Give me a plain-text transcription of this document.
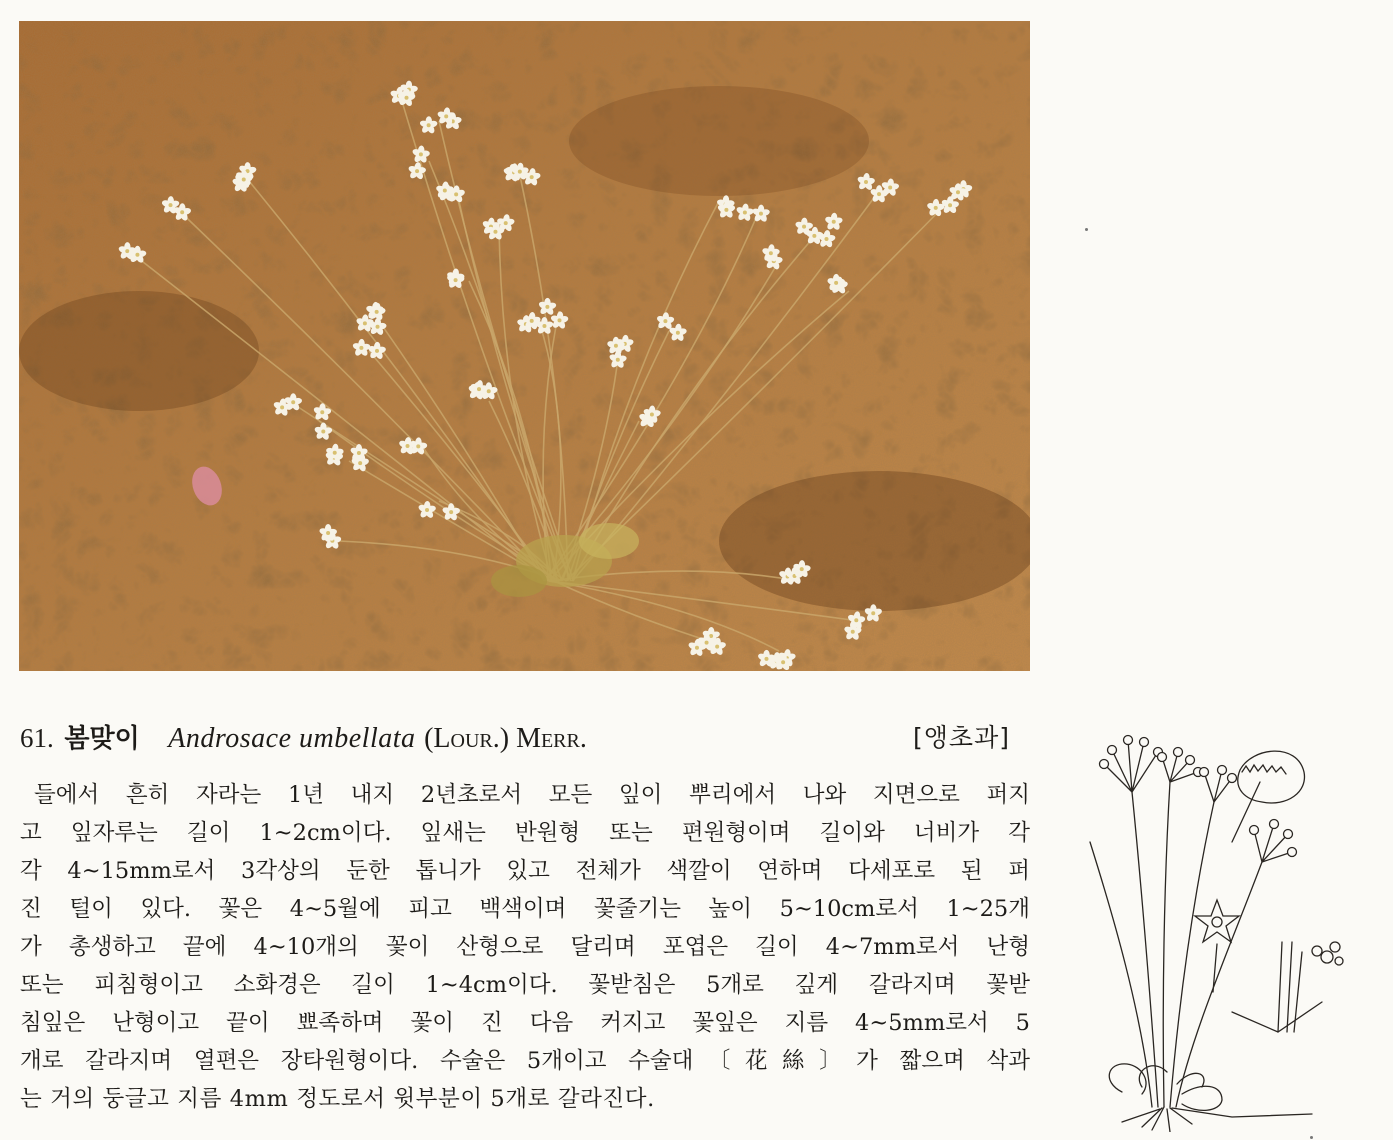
61. 봄맞이 Androsace umbellata (Lour.) Merr.	[앵초과]
들에서 흔히 자라는 1년 내지 2년초로서 모든 잎이 뿌리에서 나와 지면으로 퍼지
고 잎자루는 길이 1~2cm이다. 잎새는 반원형 또는 편원형이며 길이와 너비가 각
각 4~15mm로서 3각상의 둔한 톱니가 있고 전체가 색깔이 연하며 다세포로 된 퍼
진 털이 있다. 꽃은 4~5월에 피고 백색이며 꽃줄기는 높이 5~10cm로서 1~25개
가 총생하고 끝에 4~10개의 꽃이 산형으로 달리며 포엽은 길이 4~7mm로서 난형
또는 피침형이고 소화경은 길이 1~4cm이다. 꽃받침은 5개로 깊게 갈라지며 꽃받
침잎은 난형이고 끝이 뾰족하며 꽃이 진 다음 커지고 꽃잎은 지름 4~5mm로서 5
개로 갈라지며 열편은 장타원형이다. 수술은 5개이고 수술대〔花絲〕가 짧으며 삭과
는 거의 둥글고 지름 4mm 정도로서 윗부분이 5개로 갈라진다.
